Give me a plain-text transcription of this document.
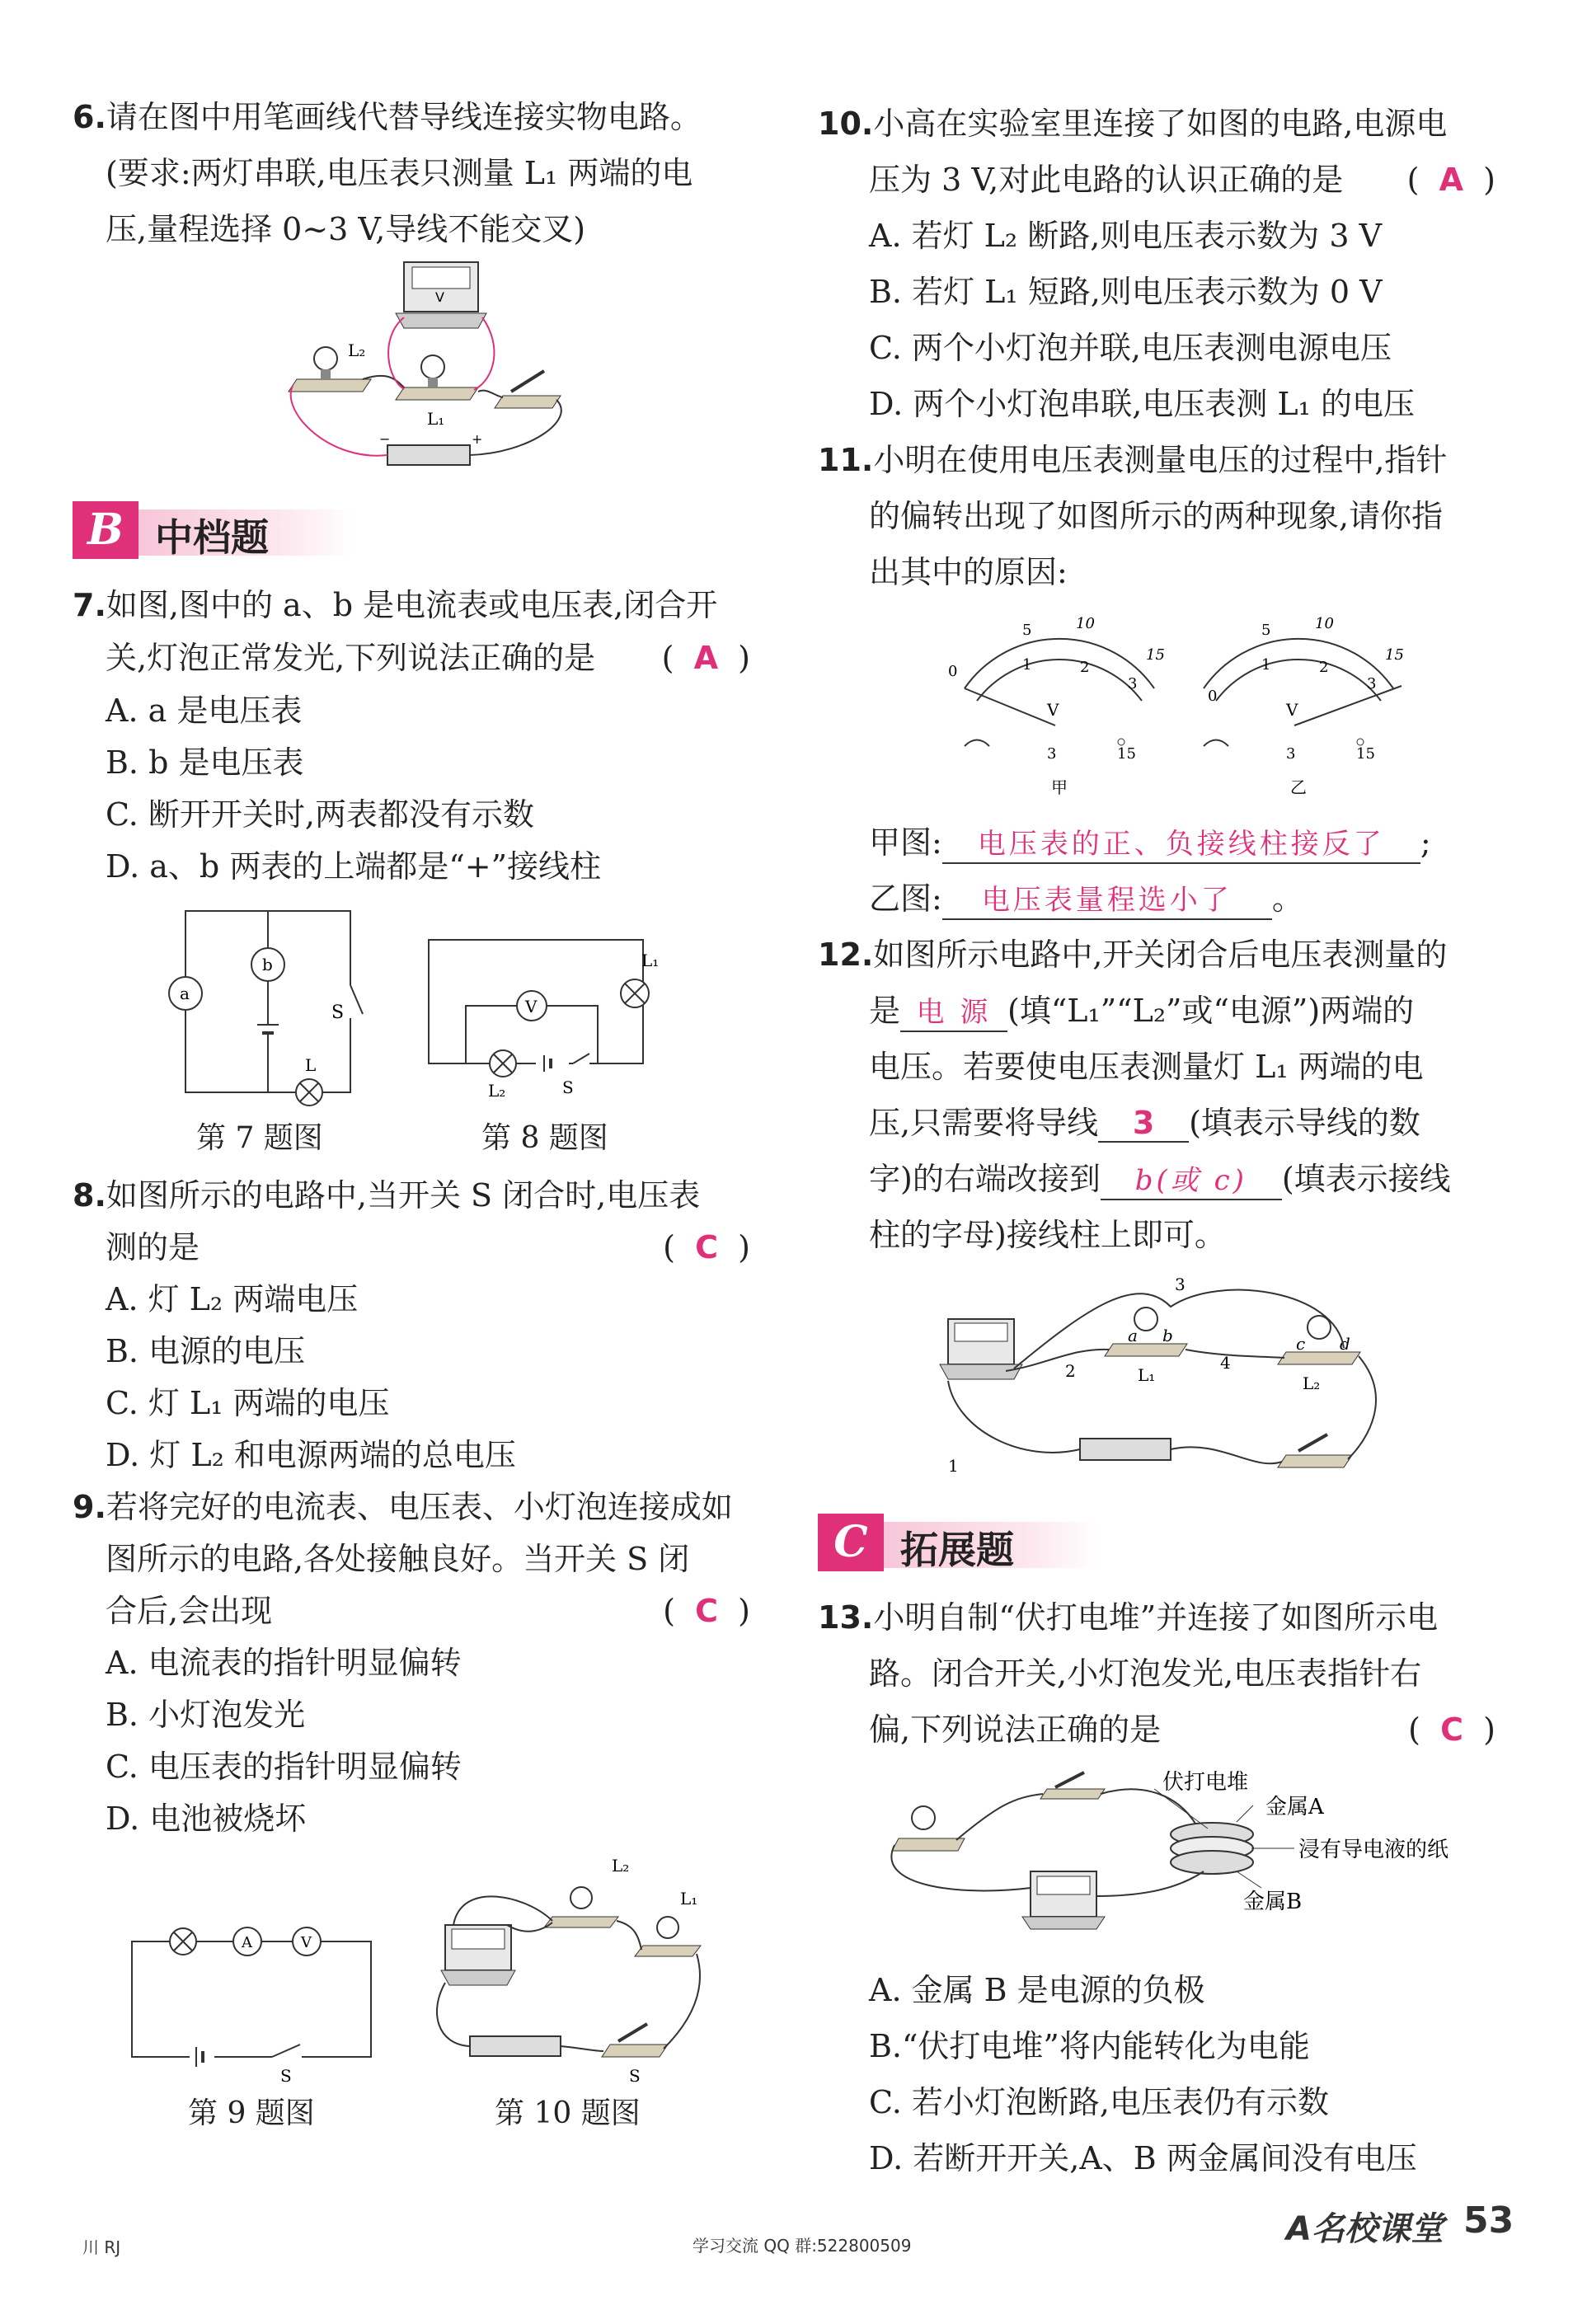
6.请在图中用笔画线代替导线连接实物电路。
(要求:两灯串联,电压表只测量 L₁ 两端的电
压,量程选择 0~3 V,导线不能交叉)
V
L₂
L₁
−	+
B 中档题
7.如图,图中的 a、b 是电流表或电压表,闭合开
关,灯泡正常发光,下列说法正确的是 (  A  )
A. a 是电压表
B. b 是电压表
C. 断开开关时,两表都没有示数
D. a、b 两表的上端都是“+”接线柱
a
b
S
L
第 7 题图
L₁
V
L₂	S
第 8 题图
8.如图所示的电路中,当开关 S 闭合时,电压表
测的是	(  C  )
A. 灯 L₂ 两端电压
B. 电源的电压
C. 灯 L₁ 两端的电压
D. 灯 L₂ 和电源两端的总电压
9.若将完好的电流表、电压表、小灯泡连接成如
图所示的电路,各处接触良好。当开关 S 闭
合后,会出现	(  C  )
A. 电流表的指针明显偏转
B. 小灯泡发光
C. 电压表的指针明显偏转
D. 电池被烧坏
A	V
S
第 9 题图
L₂
L₁
S
第 10 题图
10.小高在实验室里连接了如图的电路,电源电
压为 3 V,对此电路的认识正确的是 (  A  )
A. 若灯 L₂ 断路,则电压表示数为 3 V
B. 若灯 L₁ 短路,则电压表示数为 0 V
C. 两个小灯泡并联,电压表测电源电压
D. 两个小灯泡串联,电压表测 L₁ 的电压
11.小明在使用电压表测量电压的过程中,指针
的偏转出现了如图所示的两种现象,请你指
出其中的原因:
5	10
15
0	1	2
3
V
3	15
甲
5	10
15
0
1	2
3
V
3	15
乙
甲图: 电压表的正、负接线柱接反了 ;
乙图: 电压表量程选小了 。
12.如图所示电路中,开关闭合后电压表测量的
是 电 源 (填“L₁”“L₂”或“电源”)两端的
电压。若要使电压表测量灯 L₁ 两端的电
压,只需要将导线 3 (填表示导线的数
字)的右端改接到 b(或 c) (填表示接线
柱的字母)接线柱上即可。
a b	c d
L₁	L₂
1
2
3
4
C 拓展题
13.小明自制“伏打电堆”并连接了如图所示电
路。闭合开关,小灯泡发光,电压表指针右
偏,下列说法正确的是	(  C  )
伏打电堆
金属A
浸有导电液的纸
金属B
A. 金属 B 是电源的负极
B.“伏打电堆”将内能转化为电能
C. 若小灯泡断路,电压表仍有示数
D. 若断开开关,A、B 两金属间没有电压
川 RJ	学习交流 QQ 群:522800509	A名校课堂 53
